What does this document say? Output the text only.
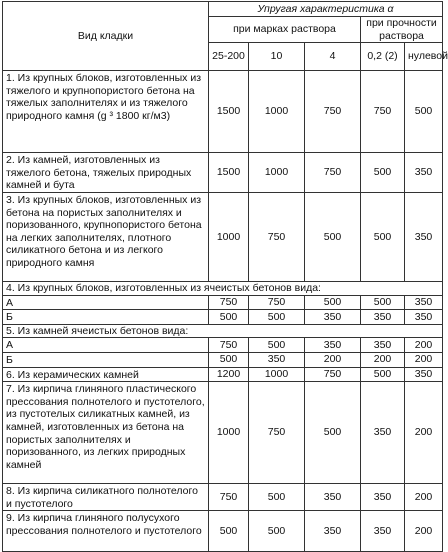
Вид кладки	Упругая характеристика α				
	при марках раствора			при прочности раствора	
	25-200	10	4	0,2 (2)	нулевой
1. Из крупных блоков, изготовленных из тяжелого и крупнопористого бетона на тяжелых заполнителях и из тяжелого природного камня (g ³ 1800 кг/м3)	1500	1000	750	750	500
2. Из камней, изготовленных из тяжелого бетона, тяжелых природных камней и бута	1500	1000	750	500	350
3. Из крупных блоков, изготовленных из бетона на пористых заполнителях и поризованного, крупнопористого бетона на легких заполнителях, плотного силикатного бетона и из легкого природного камня	1000	750	500	500	350
4. Из крупных блоков, изготовленных из ячеистых бетонов вида:					
А	750	750	500	500	350
Б	500	500	350	350	350
5. Из камней ячеистых бетонов вида:					
А	750	500	350	350	200
Б	500	350	200	200	200
6. Из керамических камней	1200	1000	750	500	350
7. Из кирпича глиняного пластического прессования полнотелого и пустотелого, из пустотелых силикатных камней, из камней, изготовленных из бетона на пористых заполнителях и поризованного, из легких природных камней	1000	750	500	350	200
8. Из кирпича силикатного полнотелого и пустотелого	750	500	350	350	200
9. Из кирпича глиняного полусухого прессования полнотелого и пустотелого	500	500	350	350	200
